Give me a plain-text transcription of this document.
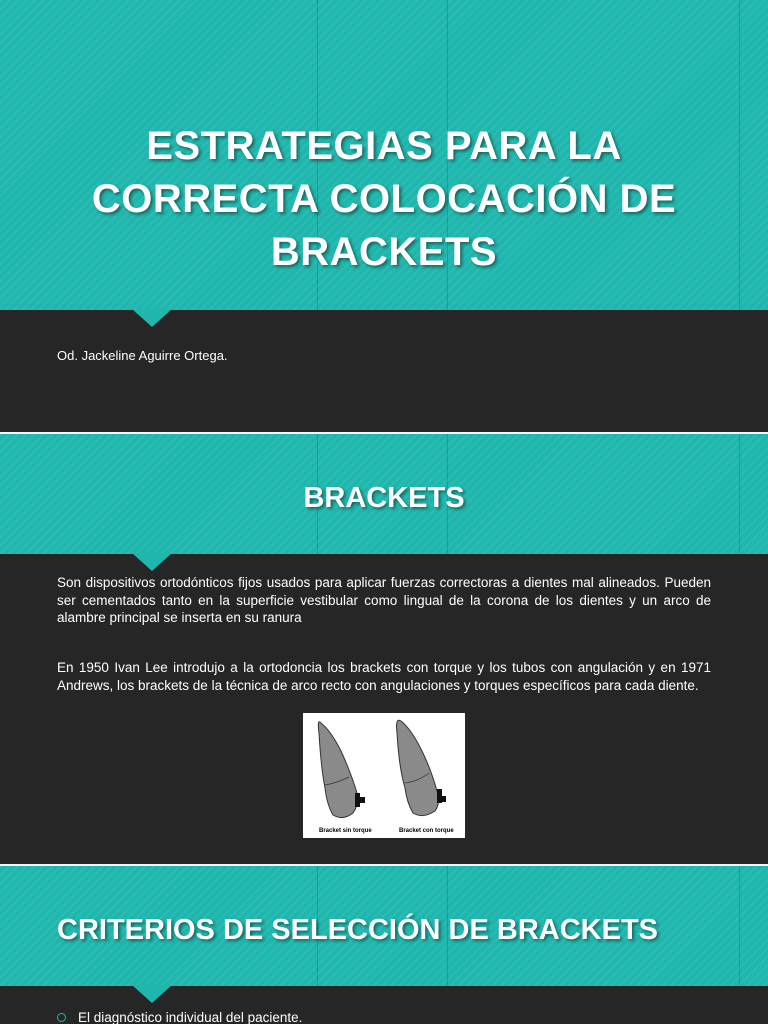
ESTRATEGIAS PARA LA CORRECTA COLOCACIÓN DE BRACKETS
Od. Jackeline Aguirre Ortega.
BRACKETS
Son dispositivos ortodónticos fijos usados para aplicar fuerzas correctoras a dientes mal alineados. Pueden ser cementados tanto en la superficie vestibular como lingual de la corona de los dientes y un arco de alambre principal se inserta en su ranura
En 1950 Ivan Lee introdujo a la ortodoncia los brackets con torque y los tubos con angulación y en 1971 Andrews, los brackets de la técnica de arco recto con angulaciones y torques específicos para cada diente.
Bracket sin torque	Bracket con torque
CRITERIOS DE SELECCIÓN DE BRACKETS
El diagnóstico individual del paciente.
